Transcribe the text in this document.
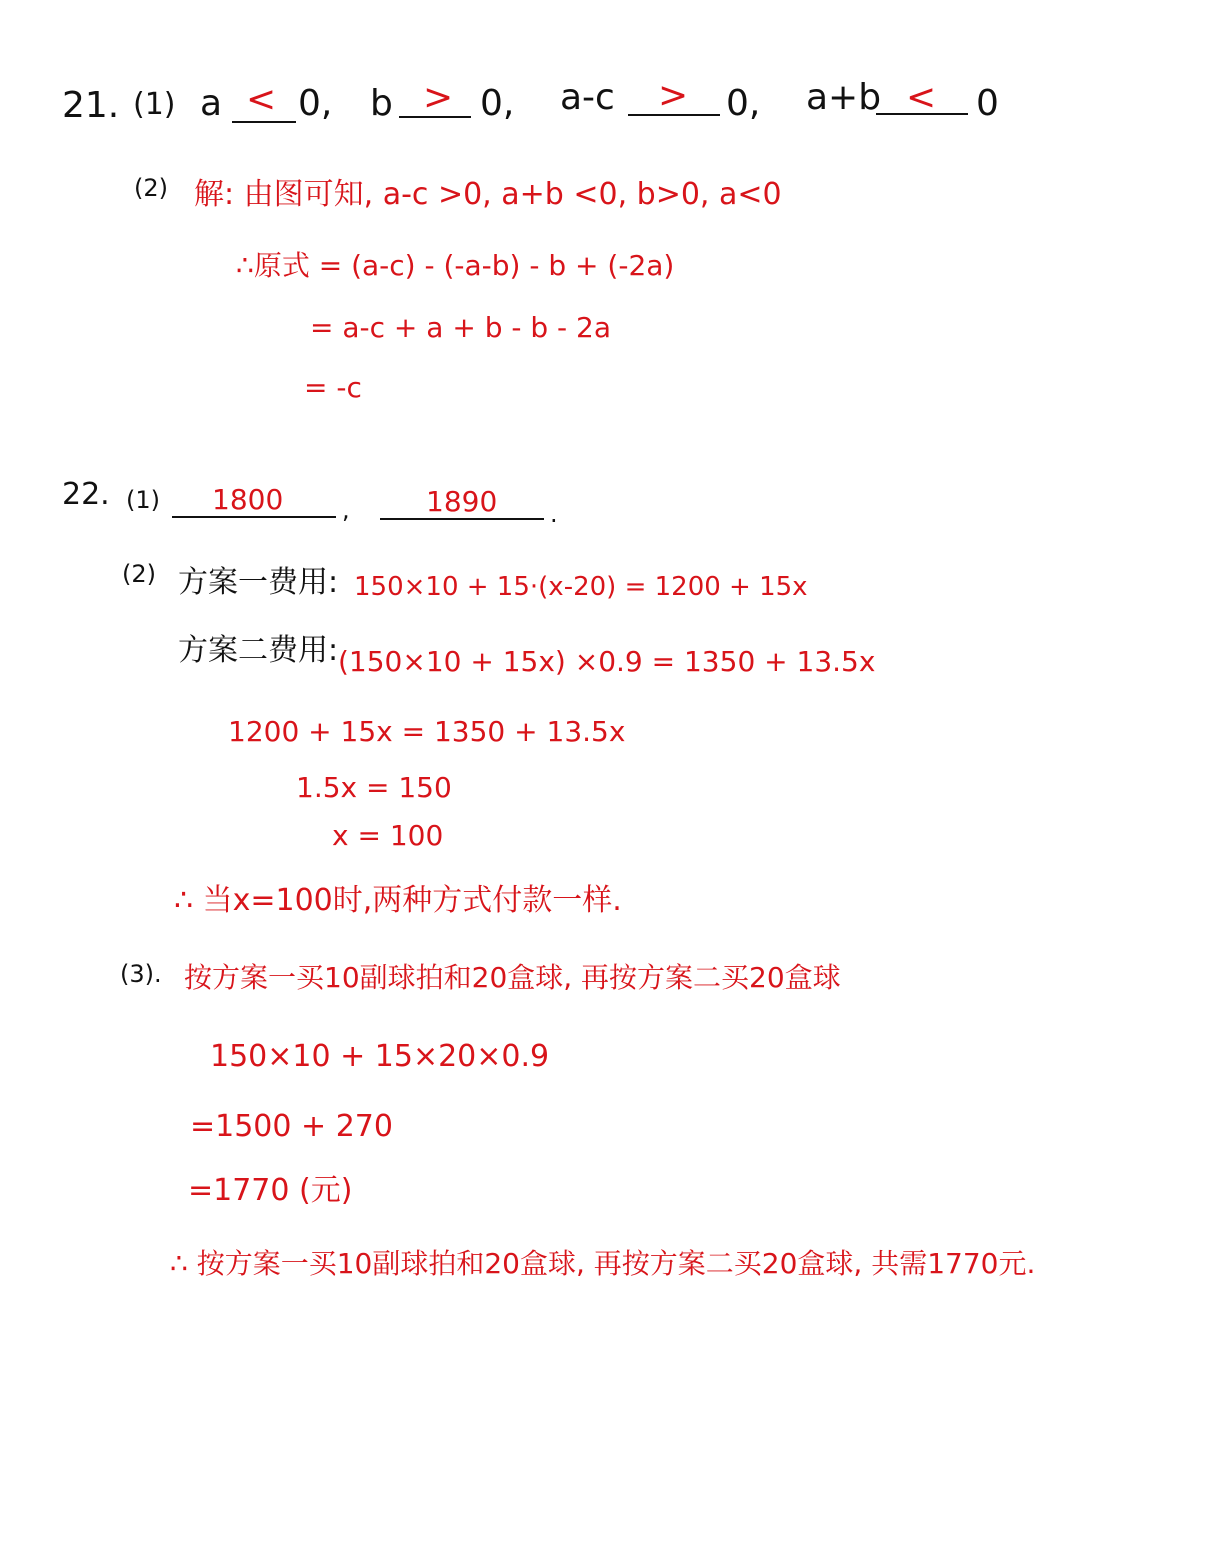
21. (1) a < 0, b > 0, a-c > 0, a+b < 0
(2) 解: 由图可知, a-c >0, a+b <0, b>0, a<0
∴原式 = (a-c) - (-a-b) - b + (-2a)
= a-c + a + b - b - 2a
= -c
22. (1) 1800 ,	1890 .
(2) 方案一费用: 150×10 + 15·(x-20) = 1200 + 15x
方案二费用: (150×10 + 15x) ×0.9 = 1350 + 13.5x
1200 + 15x = 1350 + 13.5x
1.5x = 150
x = 100
∴ 当x=100时,两种方式付款一样.
(3). 按方案一买10副球拍和20盒球, 再按方案二买20盒球
150×10 + 15×20×0.9
=1500 + 270
=1770 (元)
∴ 按方案一买10副球拍和20盒球, 再按方案二买20盒球, 共需1770元.
